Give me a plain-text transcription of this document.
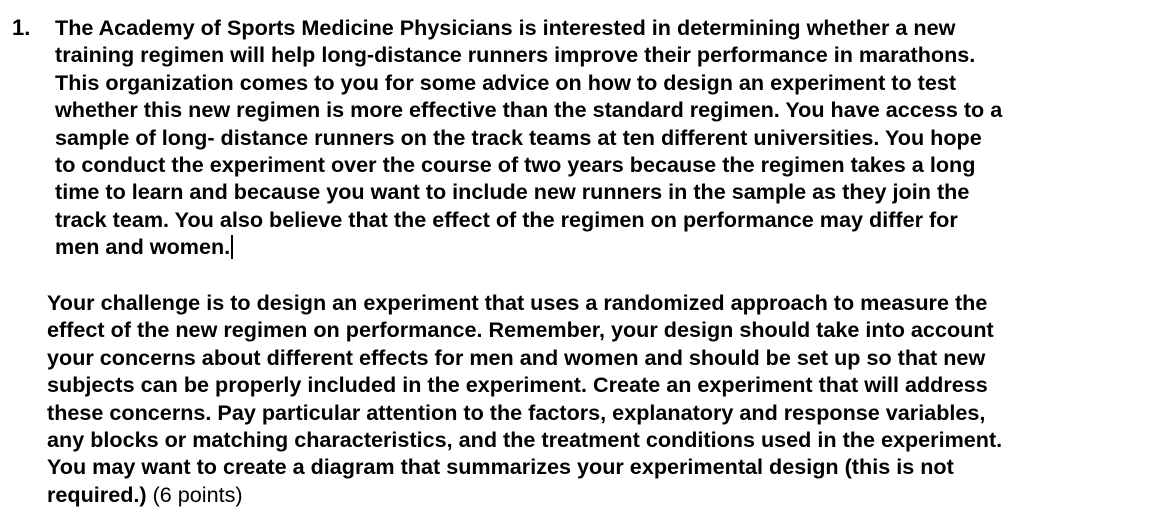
1. The Academy of Sports Medicine Physicians is interested in determining whether a new
training regimen will help long-distance runners improve their performance in marathons.
This organization comes to you for some advice on how to design an experiment to test
whether this new regimen is more effective than the standard regimen. You have access to a
sample of long- distance runners on the track teams at ten different universities. You hope
to conduct the experiment over the course of two years because the regimen takes a long
time to learn and because you want to include new runners in the sample as they join the
track team. You also believe that the effect of the regimen on performance may differ for
men and women.

Your challenge is to design an experiment that uses a randomized approach to measure the
effect of the new regimen on performance. Remember, your design should take into account
your concerns about different effects for men and women and should be set up so that new
subjects can be properly included in the experiment. Create an experiment that will address
these concerns. Pay particular attention to the factors, explanatory and response variables,
any blocks or matching characteristics, and the treatment conditions used in the experiment.
You may want to create a diagram that summarizes your experimental design (this is not
required.) (6 points)
